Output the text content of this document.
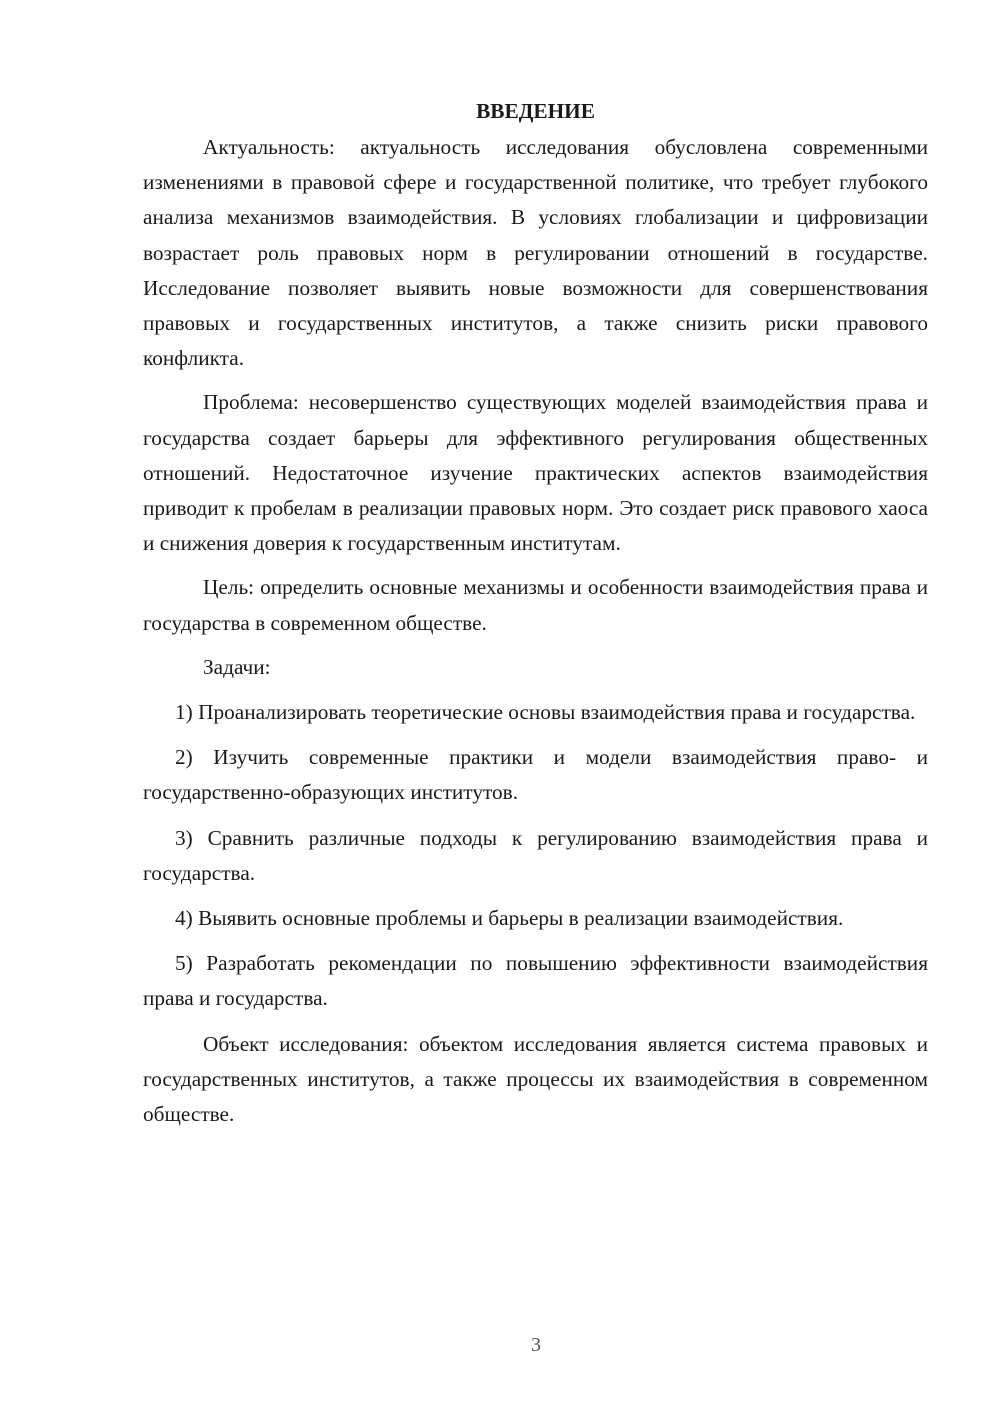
ВВЕДЕНИЕ

Актуальность: актуальность исследования обусловлена современными изменениями в правовой сфере и государственной политике, что требует глубокого анализа механизмов взаимодействия. В условиях глобализации и цифровизации возрастает роль правовых норм в регулировании отношений в государстве. Исследование позволяет выявить новые возможности для совершенствования правовых и государственных институтов, а также снизить риски правового конфликта.

Проблема: несовершенство существующих моделей взаимодействия права и государства создает барьеры для эффективного регулирования общественных отношений. Недостаточное изучение практических аспектов взаимодействия приводит к пробелам в реализации правовых норм. Это создает риск правового хаоса и снижения доверия к государственным институтам.

Цель: определить основные механизмы и особенности взаимодействия права и государства в современном обществе.

Задачи:

1) Проанализировать теоретические основы взаимодействия права и государства.

2) Изучить современные практики и модели взаимодействия право- и государственно-образующих институтов.

3) Сравнить различные подходы к регулированию взаимодействия права и государства.

4) Выявить основные проблемы и барьеры в реализации взаимодействия.

5) Разработать рекомендации по повышению эффективности взаимодействия права и государства.

Объект исследования: объектом исследования является система правовых и государственных институтов, а также процессы их взаимодействия в современном обществе.

3
